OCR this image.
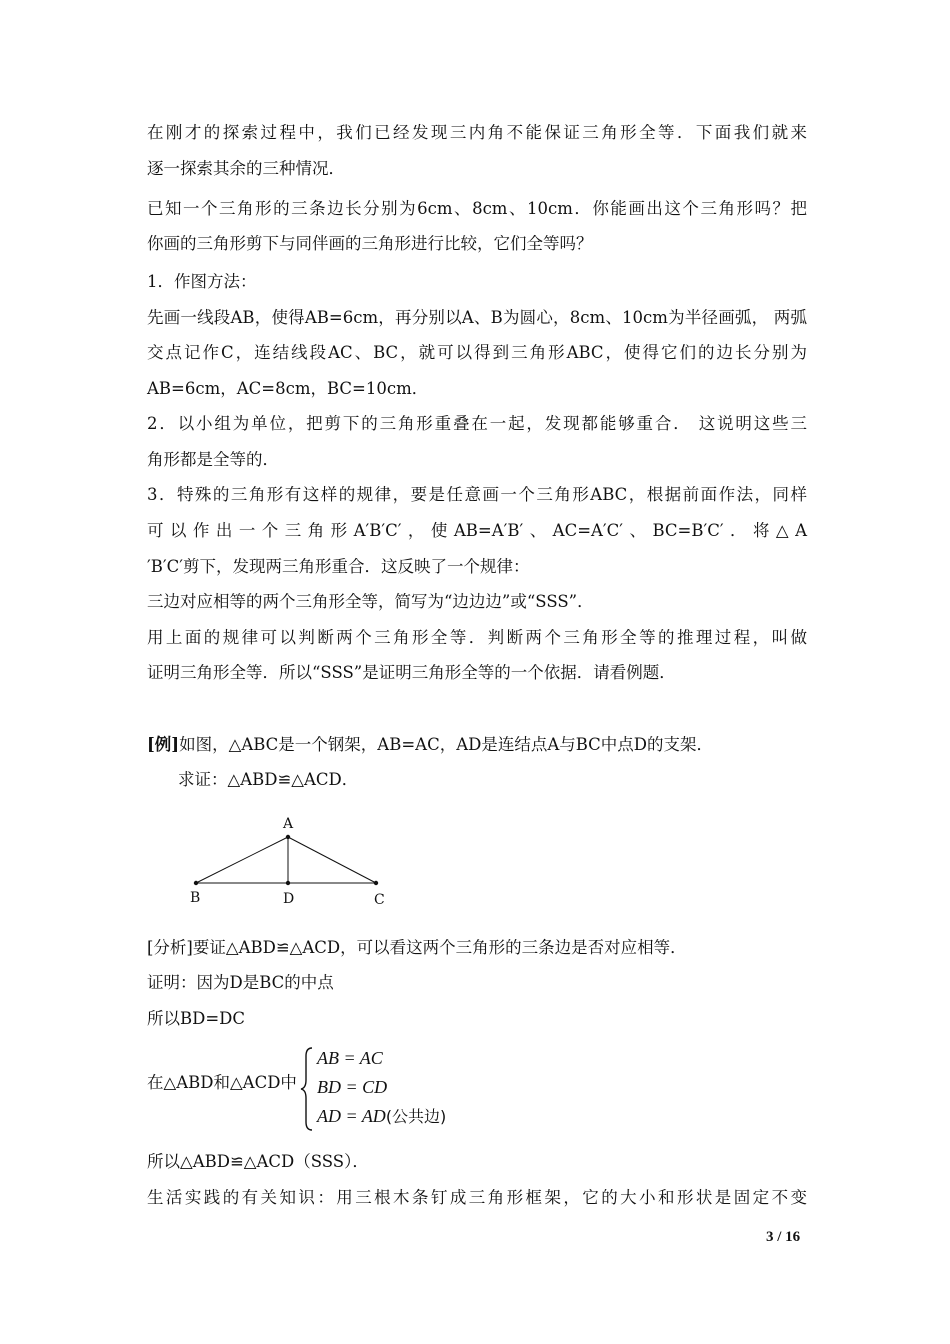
在刚才的探索过程中，我们已经发现三内角不能保证三角形全等．下面我们就来
逐一探索其余的三种情况．
已知一个三角形的三条边长分别为6cm、8cm、10cm．你能画出这个三角形吗？把
你画的三角形剪下与同伴画的三角形进行比较，它们全等吗？
1．作图方法：
先画一线段AB，使得AB=6cm，再分别以A、B为圆心，8cm、10cm为半径画弧， 两弧
交点记作C，连结线段AC、BC，就可以得到三角形ABC，使得它们的边长分别为
AB=6cm，AC=8cm，BC=10cm．
2．以小组为单位，把剪下的三角形重叠在一起，发现都能够重合． 这说明这些三
角形都是全等的．
3．特殊的三角形有这样的规律，要是任意画一个三角形ABC，根据前面作法，同样
可以作出一个三角形A′B′C′，使AB=A′B′、AC=A′C′、BC=B′C′．将△A
′B′C′剪下，发现两三角形重合．这反映了一个规律：
三边对应相等的两个三角形全等，简写为“边边边”或“SSS”．
用上面的规律可以判断两个三角形全等．判断两个三角形全等的推理过程，叫做
证明三角形全等．所以“SSS”是证明三角形全等的一个依据．请看例题．
[例]如图，△ABC是一个钢架，AB=AC，AD是连结点A与BC中点D的支架．
求证：△ABD≌△ACD．
A
B	D	C
[分析]要证△ABD≌△ACD，可以看这两个三角形的三条边是否对应相等．
证明：因为D是BC的中点
所以BD=DC
在△ABD和△ACD中
AB = AC
BD = CD
AD = AD(公共边)
所以△ABD≌△ACD（SSS）．
生活实践的有关知识：用三根木条钉成三角形框架，它的大小和形状是固定不变
3 / 16
